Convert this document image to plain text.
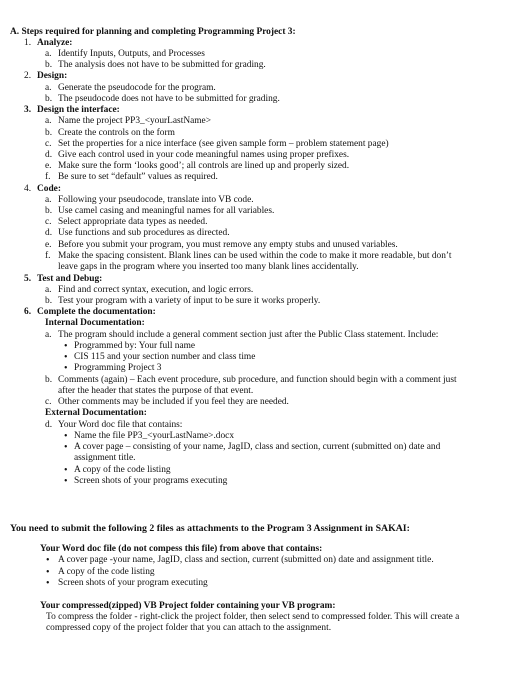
A. Steps required for planning and completing Programming Project 3:
1. Analyze:
a. Identify Inputs, Outputs, and Processes
b. The analysis does not have to be submitted for grading.
2. Design:
a. Generate the pseudocode for the program.
b. The pseudocode does not have to be submitted for grading.
3. Design the interface:
a. Name the project PP3_<yourLastName>
b. Create the controls on the form
c. Set the properties for a nice interface (see given sample form – problem statement page)
d. Give each control used in your code meaningful names using proper prefixes.
e. Make sure the form ‘looks good’; all controls are lined up and properly sized.
f. Be sure to set “default” values as required.
4. Code:
a. Following your pseudocode, translate into VB code.
b. Use camel casing and meaningful names for all variables.
c. Select appropriate data types as needed.
d. Use functions and sub procedures as directed.
e. Before you submit your program, you must remove any empty stubs and unused variables.
f. Make the spacing consistent. Blank lines can be used within the code to make it more readable, but don’t
leave gaps in the program where you inserted too many blank lines accidentally.
5. Test and Debug:
a. Find and correct syntax, execution, and logic errors.
b. Test your program with a variety of input to be sure it works properly.
6. Complete the documentation:
Internal Documentation:
a. The program should include a general comment section just after the Public Class statement. Include:
• Programmed by: Your full name
• CIS 115 and your section number and class time
• Programming Project 3
b. Comments (again) – Each event procedure, sub procedure, and function should begin with a comment just
after the header that states the purpose of that event.
c. Other comments may be included if you feel they are needed.
External Documentation:
d. Your Word doc file that contains:
• Name the file PP3_<yourLastName>.docx
• A cover page – consisting of your name, JagID, class and section, current (submitted on) date and
assignment title.
• A copy of the code listing
• Screen shots of your programs executing
You need to submit the following 2 files as attachments to the Program 3 Assignment in SAKAI:
Your Word doc file (do not compess this file) from above that contains:
• A cover page -your name, JagID, class and section, current (submitted on) date and assignment title.
• A copy of the code listing
• Screen shots of your program executing
Your compressed(zipped) VB Project folder containing your VB program:
To compress the folder - right-click the project folder, then select send to compressed folder. This will create a
compressed copy of the project folder that you can attach to the assignment.
